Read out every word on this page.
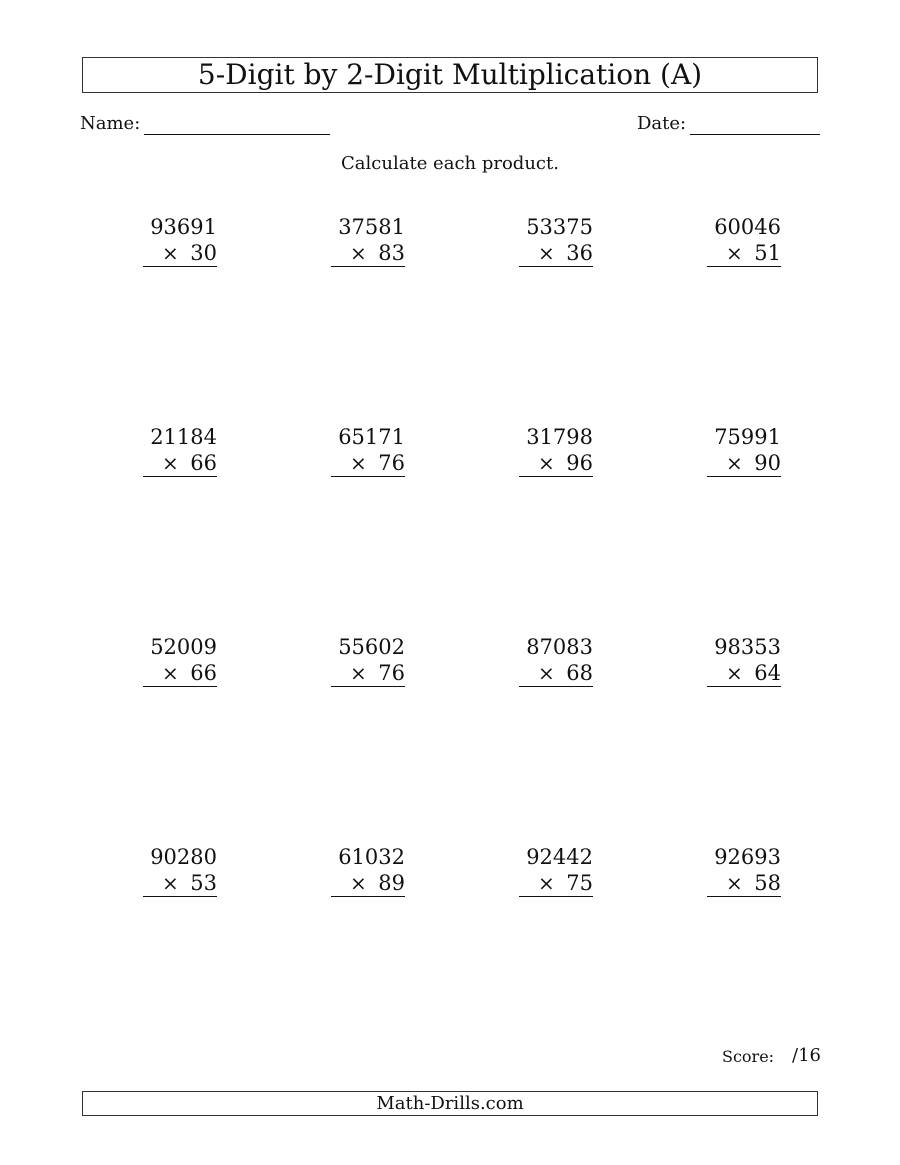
5-Digit by 2-Digit Multiplication (A)
Name:	Date:
Calculate each product.
93691
× 30
37581
× 83
53375
× 36
60046
× 51
21184
× 66
65171
× 76
31798
× 96
75991
× 90
52009
× 66
55602
× 76
87083
× 68
98353
× 64
90280
× 53
61032
× 89
92442
× 75
92693
× 58
Score: /16
Math-Drills.com
